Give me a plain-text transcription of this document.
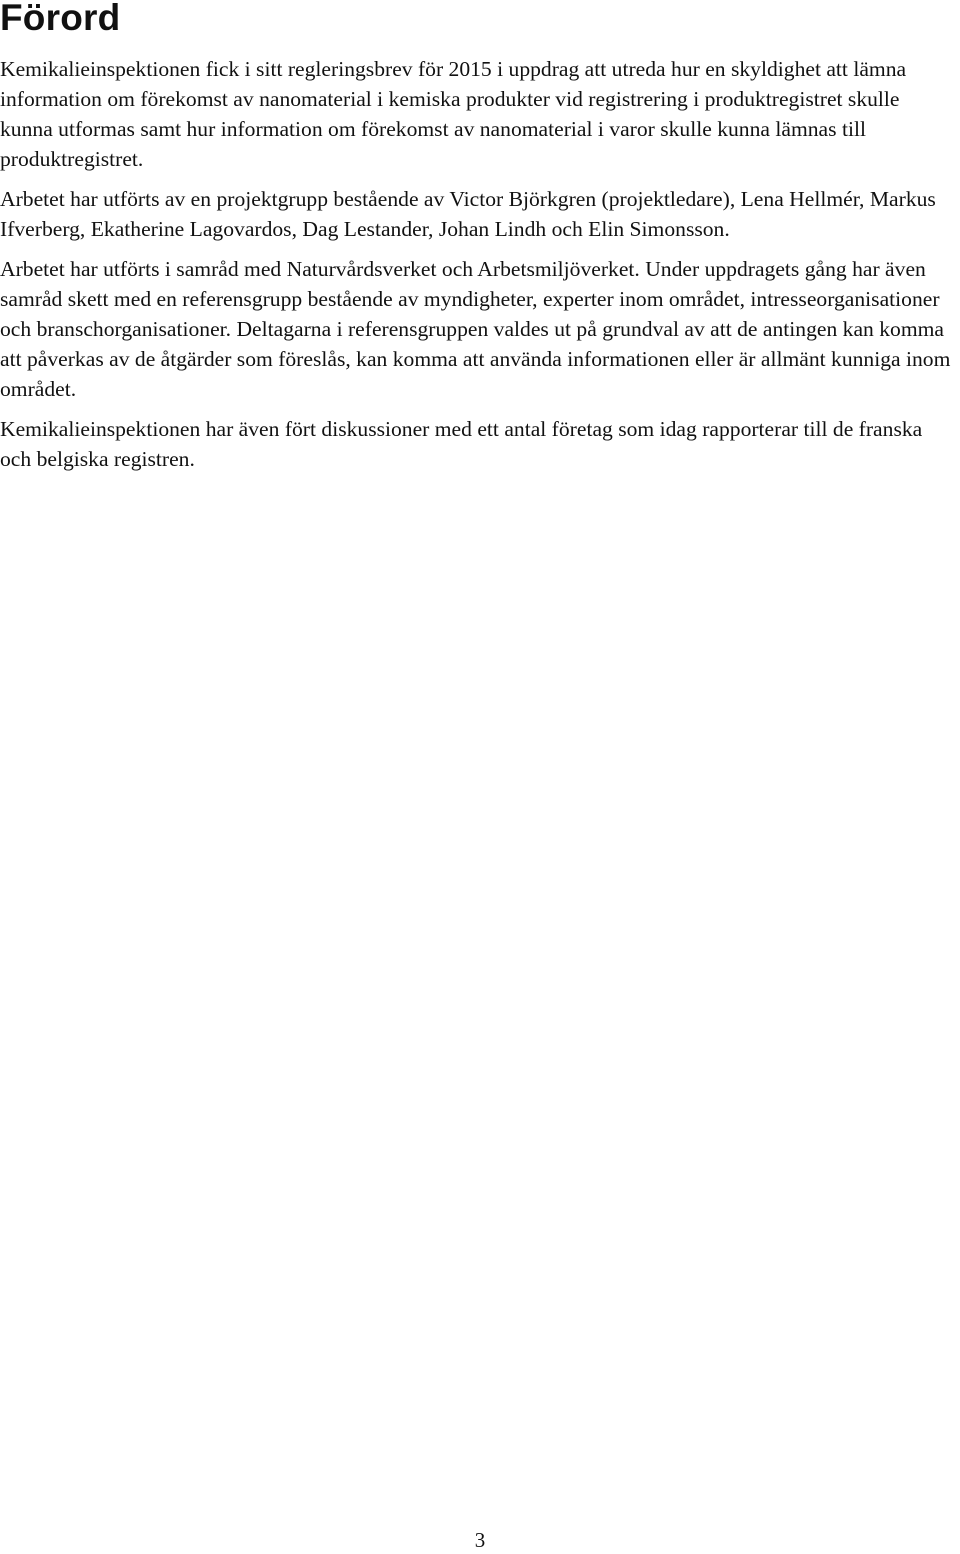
Förord

Kemikalieinspektionen fick i sitt regleringsbrev för 2015 i uppdrag att utreda hur en skyldighet att lämna information om förekomst av nanomaterial i kemiska produkter vid registrering i produktregistret skulle kunna utformas samt hur information om förekomst av nanomaterial i varor skulle kunna lämnas till produktregistret.

Arbetet har utförts av en projektgrupp bestående av Victor Björkgren (projektledare), Lena Hellmér, Markus Ifverberg, Ekatherine Lagovardos, Dag Lestander, Johan Lindh och Elin Simonsson.

Arbetet har utförts i samråd med Naturvårdsverket och Arbetsmiljöverket. Under uppdragets gång har även samråd skett med en referensgrupp bestående av myndigheter, experter inom området, intresseorganisationer och branschorganisationer. Deltagarna i referensgruppen valdes ut på grundval av att de antingen kan komma att påverkas av de åtgärder som föreslås, kan komma att använda informationen eller är allmänt kunniga inom området.

Kemikalieinspektionen har även fört diskussioner med ett antal företag som idag rapporterar till de franska och belgiska registren.

3
